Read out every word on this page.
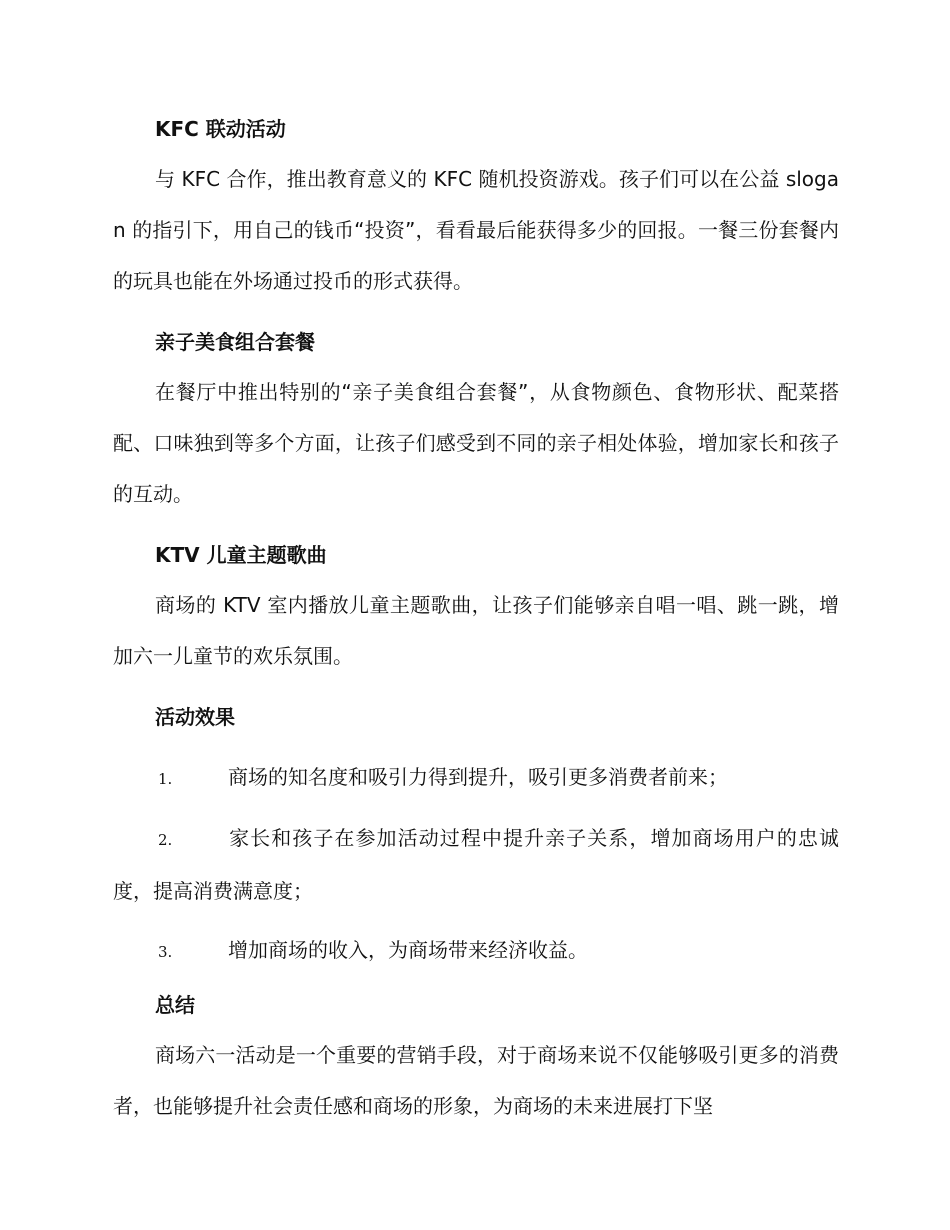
KFC 联动活动
与 KFC 合作，推出教育意义的 KFC 随机投资游戏。孩子们可以在公益 slogan 的指引下，用自己的钱币“投资”，看看最后能获得多少的回报。一餐三份套餐内的玩具也能在外场通过投币的形式获得。
亲子美食组合套餐
在餐厅中推出特别的“亲子美食组合套餐”，从食物颜色、食物形状、配菜搭配、口味独到等多个方面，让孩子们感受到不同的亲子相处体验，增加家长和孩子的互动。
KTV 儿童主题歌曲
商场的 KTV 室内播放儿童主题歌曲，让孩子们能够亲自唱一唱、跳一跳，增加六一儿童节的欢乐氛围。
活动效果
1.	商场的知名度和吸引力得到提升，吸引更多消费者前来；
2.	家长和孩子在参加活动过程中提升亲子关系，增加商场用户的忠诚度，提高消费满意度；
3.	增加商场的收入，为商场带来经济收益。
总结
商场六一活动是一个重要的营销手段，对于商场来说不仅能够吸引更多的消费者，也能够提升社会责任感和商场的形象，为商场的未来进展打下坚
